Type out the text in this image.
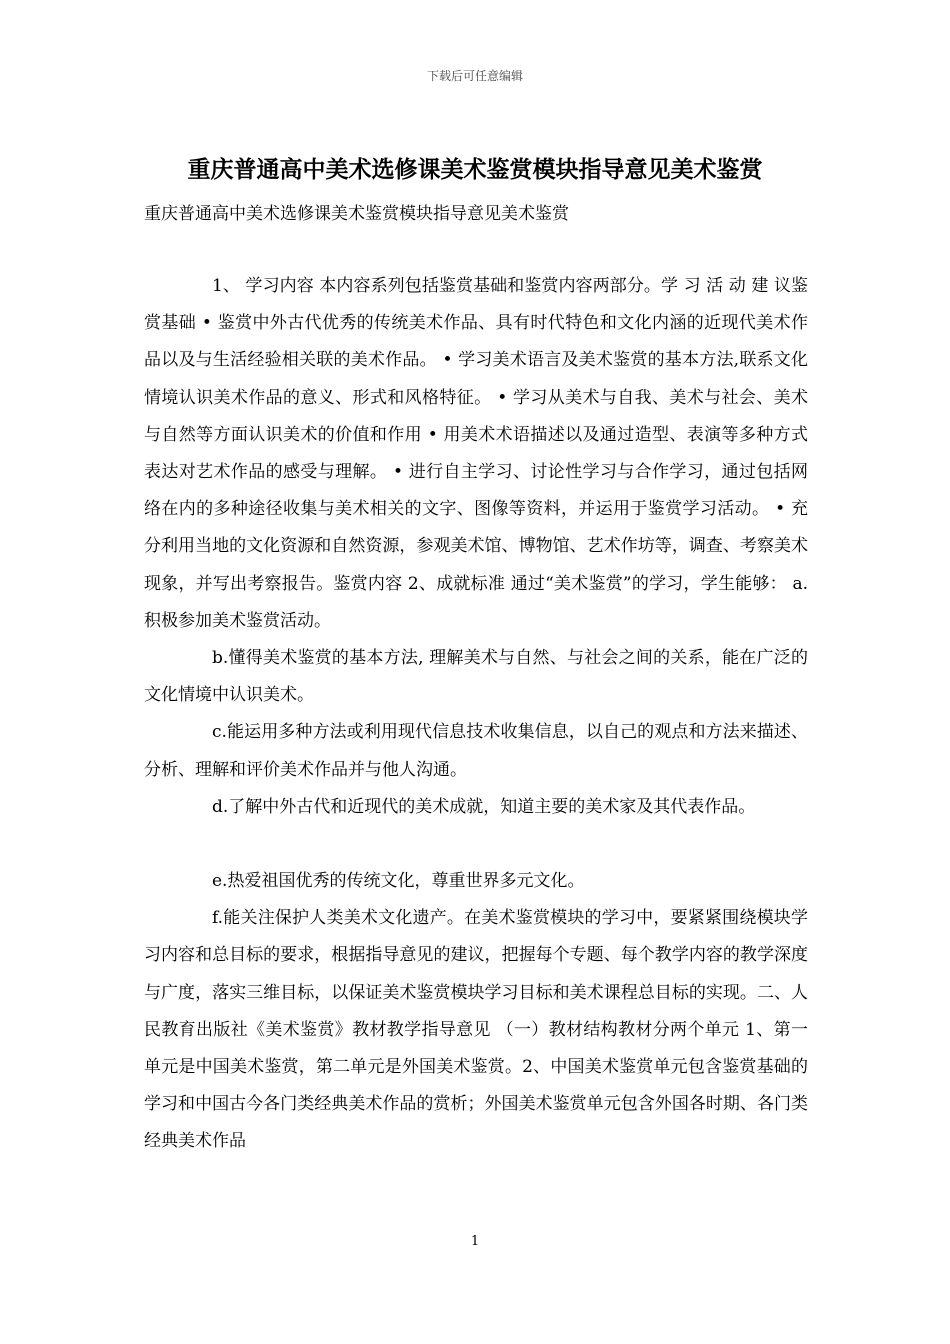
下载后可任意编辑
重庆普通高中美术选修课美术鉴赏模块指导意见美术鉴赏
重庆普通高中美术选修课美术鉴赏模块指导意见美术鉴赏

1、 学习内容 本内容系列包括鉴赏基础和鉴赏内容两部分。学 习 活 动 建 议鉴赏基础 • 鉴赏中外古代优秀的传统美术作品、具有时代特色和文化内涵的近现代美术作品以及与生活经验相关联的美术作品。 • 学习美术语言及美术鉴赏的基本方法,联系文化情境认识美术作品的意义、形式和风格特征。 • 学习从美术与自我、美术与社会、美术与自然等方面认识美术的价值和作用 • 用美术术语描述以及通过造型、表演等多种方式表达对艺术作品的感受与理解。 • 进行自主学习、讨论性学习与合作学习，通过包括网络在内的多种途径收集与美术相关的文字、图像等资料，并运用于鉴赏学习活动。 • 充分利用当地的文化资源和自然资源，参观美术馆、博物馆、艺术作坊等，调查、考察美术现象，并写出考察报告。鉴赏内容 2、成就标准 通过“美术鉴赏”的学习，学生能够： a.积极参加美术鉴赏活动。

b.懂得美术鉴赏的基本方法, 理解美术与自然、与社会之间的关系，能在广泛的文化情境中认识美术。

c.能运用多种方法或利用现代信息技术收集信息，以自己的观点和方法来描述、分析、理解和评价美术作品并与他人沟通。

d.了解中外古代和近现代的美术成就，知道主要的美术家及其代表作品。

e.热爱祖国优秀的传统文化，尊重世界多元文化。

f.能关注保护人类美术文化遗产。在美术鉴赏模块的学习中，要紧紧围绕模块学习内容和总目标的要求，根据指导意见的建议，把握每个专题、每个教学内容的教学深度与广度，落实三维目标，以保证美术鉴赏模块学习目标和美术课程总目标的实现。二、人民教育出版社《美术鉴赏》教材教学指导意见 （一）教材结构教材分两个单元 1、第一单元是中国美术鉴赏，第二单元是外国美术鉴赏。2、中国美术鉴赏单元包含鉴赏基础的学习和中国古今各门类经典美术作品的赏析；外国美术鉴赏单元包含外国各时期、各门类经典美术作品

1
